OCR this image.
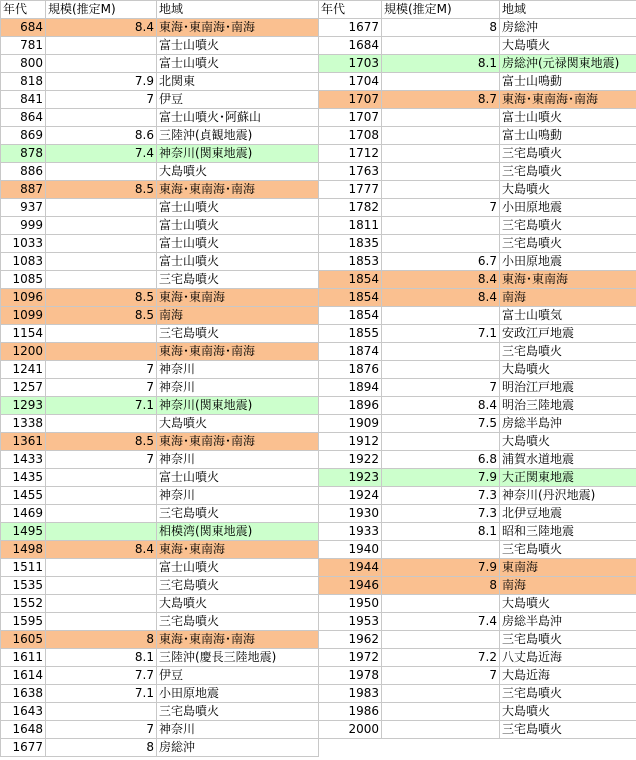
年代	規模(推定M)	地域
684	8.4	東海･東南海･南海
781		富士山噴火
800		富士山噴火
818	7.9	北関東
841	7	伊豆
864		富士山噴火･阿蘇山
869	8.6	三陸沖(貞観地震)
878	7.4	神奈川(関東地震)
886		大島噴火
887	8.5	東海･東南海･南海
937		富士山噴火
999		富士山噴火
1033		富士山噴火
1083		富士山噴火
1085		三宅島噴火
1096	8.5	東海･東南海
1099	8.5	南海
1154		三宅島噴火
1200		東海･東南海･南海
1241	7	神奈川
1257	7	神奈川
1293	7.1	神奈川(関東地震)
1338		大島噴火
1361	8.5	東海･東南海･南海
1433	7	神奈川
1435		富士山噴火
1455		神奈川
1469		三宅島噴火
1495		相模湾(関東地震)
1498	8.4	東海･東南海
1511		富士山噴火
1535		三宅島噴火
1552		大島噴火
1595		三宅島噴火
1605	8	東海･東南海･南海
1611	8.1	三陸沖(慶長三陸地震)
1614	7.7	伊豆
1638	7.1	小田原地震
1643		三宅島噴火
1648	7	神奈川
1677	8	房総沖
年代	規模(推定M)	地域
1677	8	房総沖
1684		大島噴火
1703	8.1	房総沖(元禄関東地震)
1704		富士山鳴動
1707	8.7	東海･東南海･南海
1707		富士山噴火
1708		富士山鳴動
1712		三宅島噴火
1763		三宅島噴火
1777		大島噴火
1782	7	小田原地震
1811		三宅島噴火
1835		三宅島噴火
1853	6.7	小田原地震
1854	8.4	東海･東南海
1854	8.4	南海
1854		富士山噴気
1855	7.1	安政江戸地震
1874		三宅島噴火
1876		大島噴火
1894	7	明治江戸地震
1896	8.4	明治三陸地震
1909	7.5	房総半島沖
1912		大島噴火
1922	6.8	浦賀水道地震
1923	7.9	大正関東地震
1924	7.3	神奈川(丹沢地震)
1930	7.3	北伊豆地震
1933	8.1	昭和三陸地震
1940		三宅島噴火
1944	7.9	東南海
1946	8	南海
1950		大島噴火
1953	7.4	房総半島沖
1962		三宅島噴火
1972	7.2	八丈島近海
1978	7	大島近海
1983		三宅島噴火
1986		大島噴火
2000		三宅島噴火
